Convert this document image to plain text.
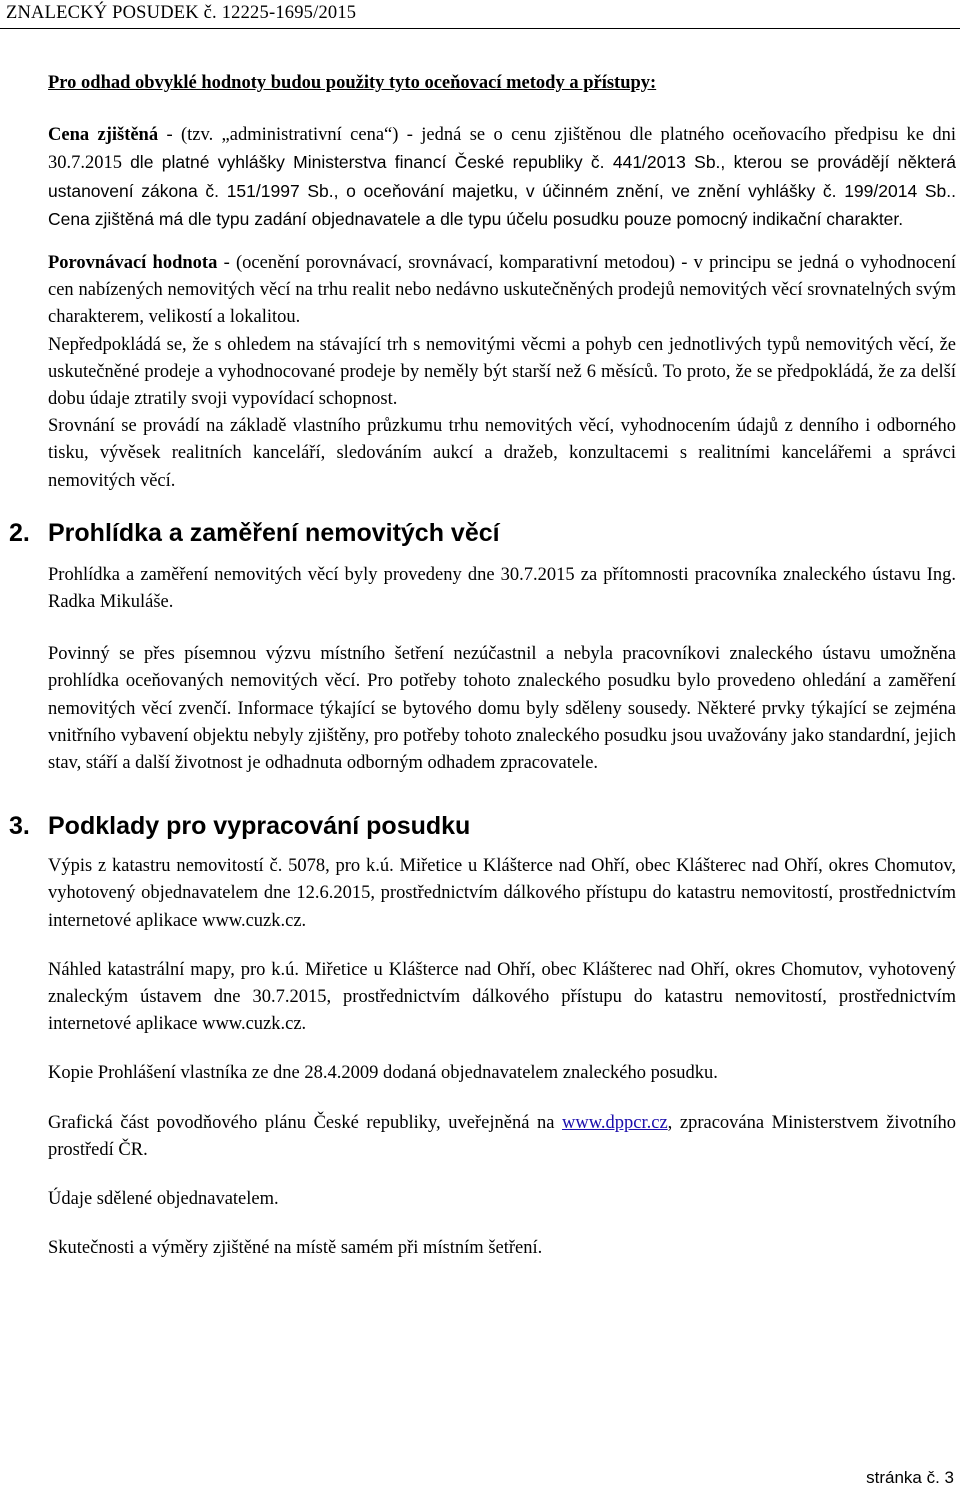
ZNALECKÝ POSUDEK č. 12225-1695/2015

Pro odhad obvyklé hodnoty budou použity tyto oceňovací metody a přístupy:

Cena zjištěná - (tzv. „administrativní cena“) - jedná se o cenu zjištěnou dle platného oceňovacího předpisu ke dni 30.7.2015 dle platné vyhlášky Ministerstva financí České republiky č. 441/2013 Sb., kterou se provádějí některá ustanovení zákona č. 151/1997 Sb., o oceňování majetku, v účinném znění, ve znění vyhlášky č. 199/2014 Sb.. Cena zjištěná má dle typu zadání objednavatele a dle typu účelu posudku pouze pomocný indikační charakter.

Porovnávací hodnota - (ocenění porovnávací, srovnávací, komparativní metodou) - v principu se jedná o vyhodnocení cen nabízených nemovitých věcí na trhu realit nebo nedávno uskutečněných prodejů nemovitých věcí srovnatelných svým charakterem, velikostí a lokalitou.

Nepředpokládá se, že s ohledem na stávající trh s nemovitými věcmi a pohyb cen jednotlivých typů nemovitých věcí, že uskutečněné prodeje a vyhodnocované prodeje by neměly být starší než 6 měsíců. To proto, že se předpokládá, že za delší dobu údaje ztratily svoji vypovídací schopnost.

Srovnání se provádí na základě vlastního průzkumu trhu nemovitých věcí, vyhodnocením údajů z denního i odborného tisku, vývěsek realitních kanceláří, sledováním aukcí a dražeb, konzultacemi s realitními kancelářemi a správci nemovitých věcí.

2. Prohlídka a zaměření nemovitých věcí

Prohlídka a zaměření nemovitých věcí byly provedeny dne 30.7.2015 za přítomnosti pracovníka znaleckého ústavu Ing. Radka Mikuláše.

Povinný se přes písemnou výzvu místního šetření nezúčastnil a nebyla pracovníkovi znaleckého ústavu umožněna prohlídka oceňovaných nemovitých věcí. Pro potřeby tohoto znaleckého posudku bylo provedeno ohledání a zaměření nemovitých věcí zvenčí. Informace týkající se bytového domu byly sděleny sousedy. Některé prvky týkající se zejména vnitřního vybavení objektu nebyly zjištěny, pro potřeby tohoto znaleckého posudku jsou uvažovány jako standardní, jejich stav, stáří a další životnost je odhadnuta odborným odhadem zpracovatele.

3. Podklady pro vypracování posudku

Výpis z katastru nemovitostí č. 5078, pro k.ú. Miřetice u Klášterce nad Ohří, obec Klášterec nad Ohří, okres Chomutov, vyhotovený objednavatelem dne 12.6.2015, prostřednictvím dálkového přístupu do katastru nemovitostí, prostřednictvím internetové aplikace www.cuzk.cz.

Náhled katastrální mapy, pro k.ú. Miřetice u Klášterce nad Ohří, obec Klášterec nad Ohří, okres Chomutov, vyhotovený znaleckým ústavem dne 30.7.2015, prostřednictvím dálkového přístupu do katastru nemovitostí, prostřednictvím internetové aplikace www.cuzk.cz.

Kopie Prohlášení vlastníka ze dne 28.4.2009 dodaná objednavatelem znaleckého posudku.

Grafická část povodňového plánu České republiky, uveřejněná na www.dppcr.cz, zpracována Ministerstvem životního prostředí ČR.

Údaje sdělené objednavatelem.

Skutečnosti a výměry zjištěné na místě samém při místním šetření.

stránka č. 3
